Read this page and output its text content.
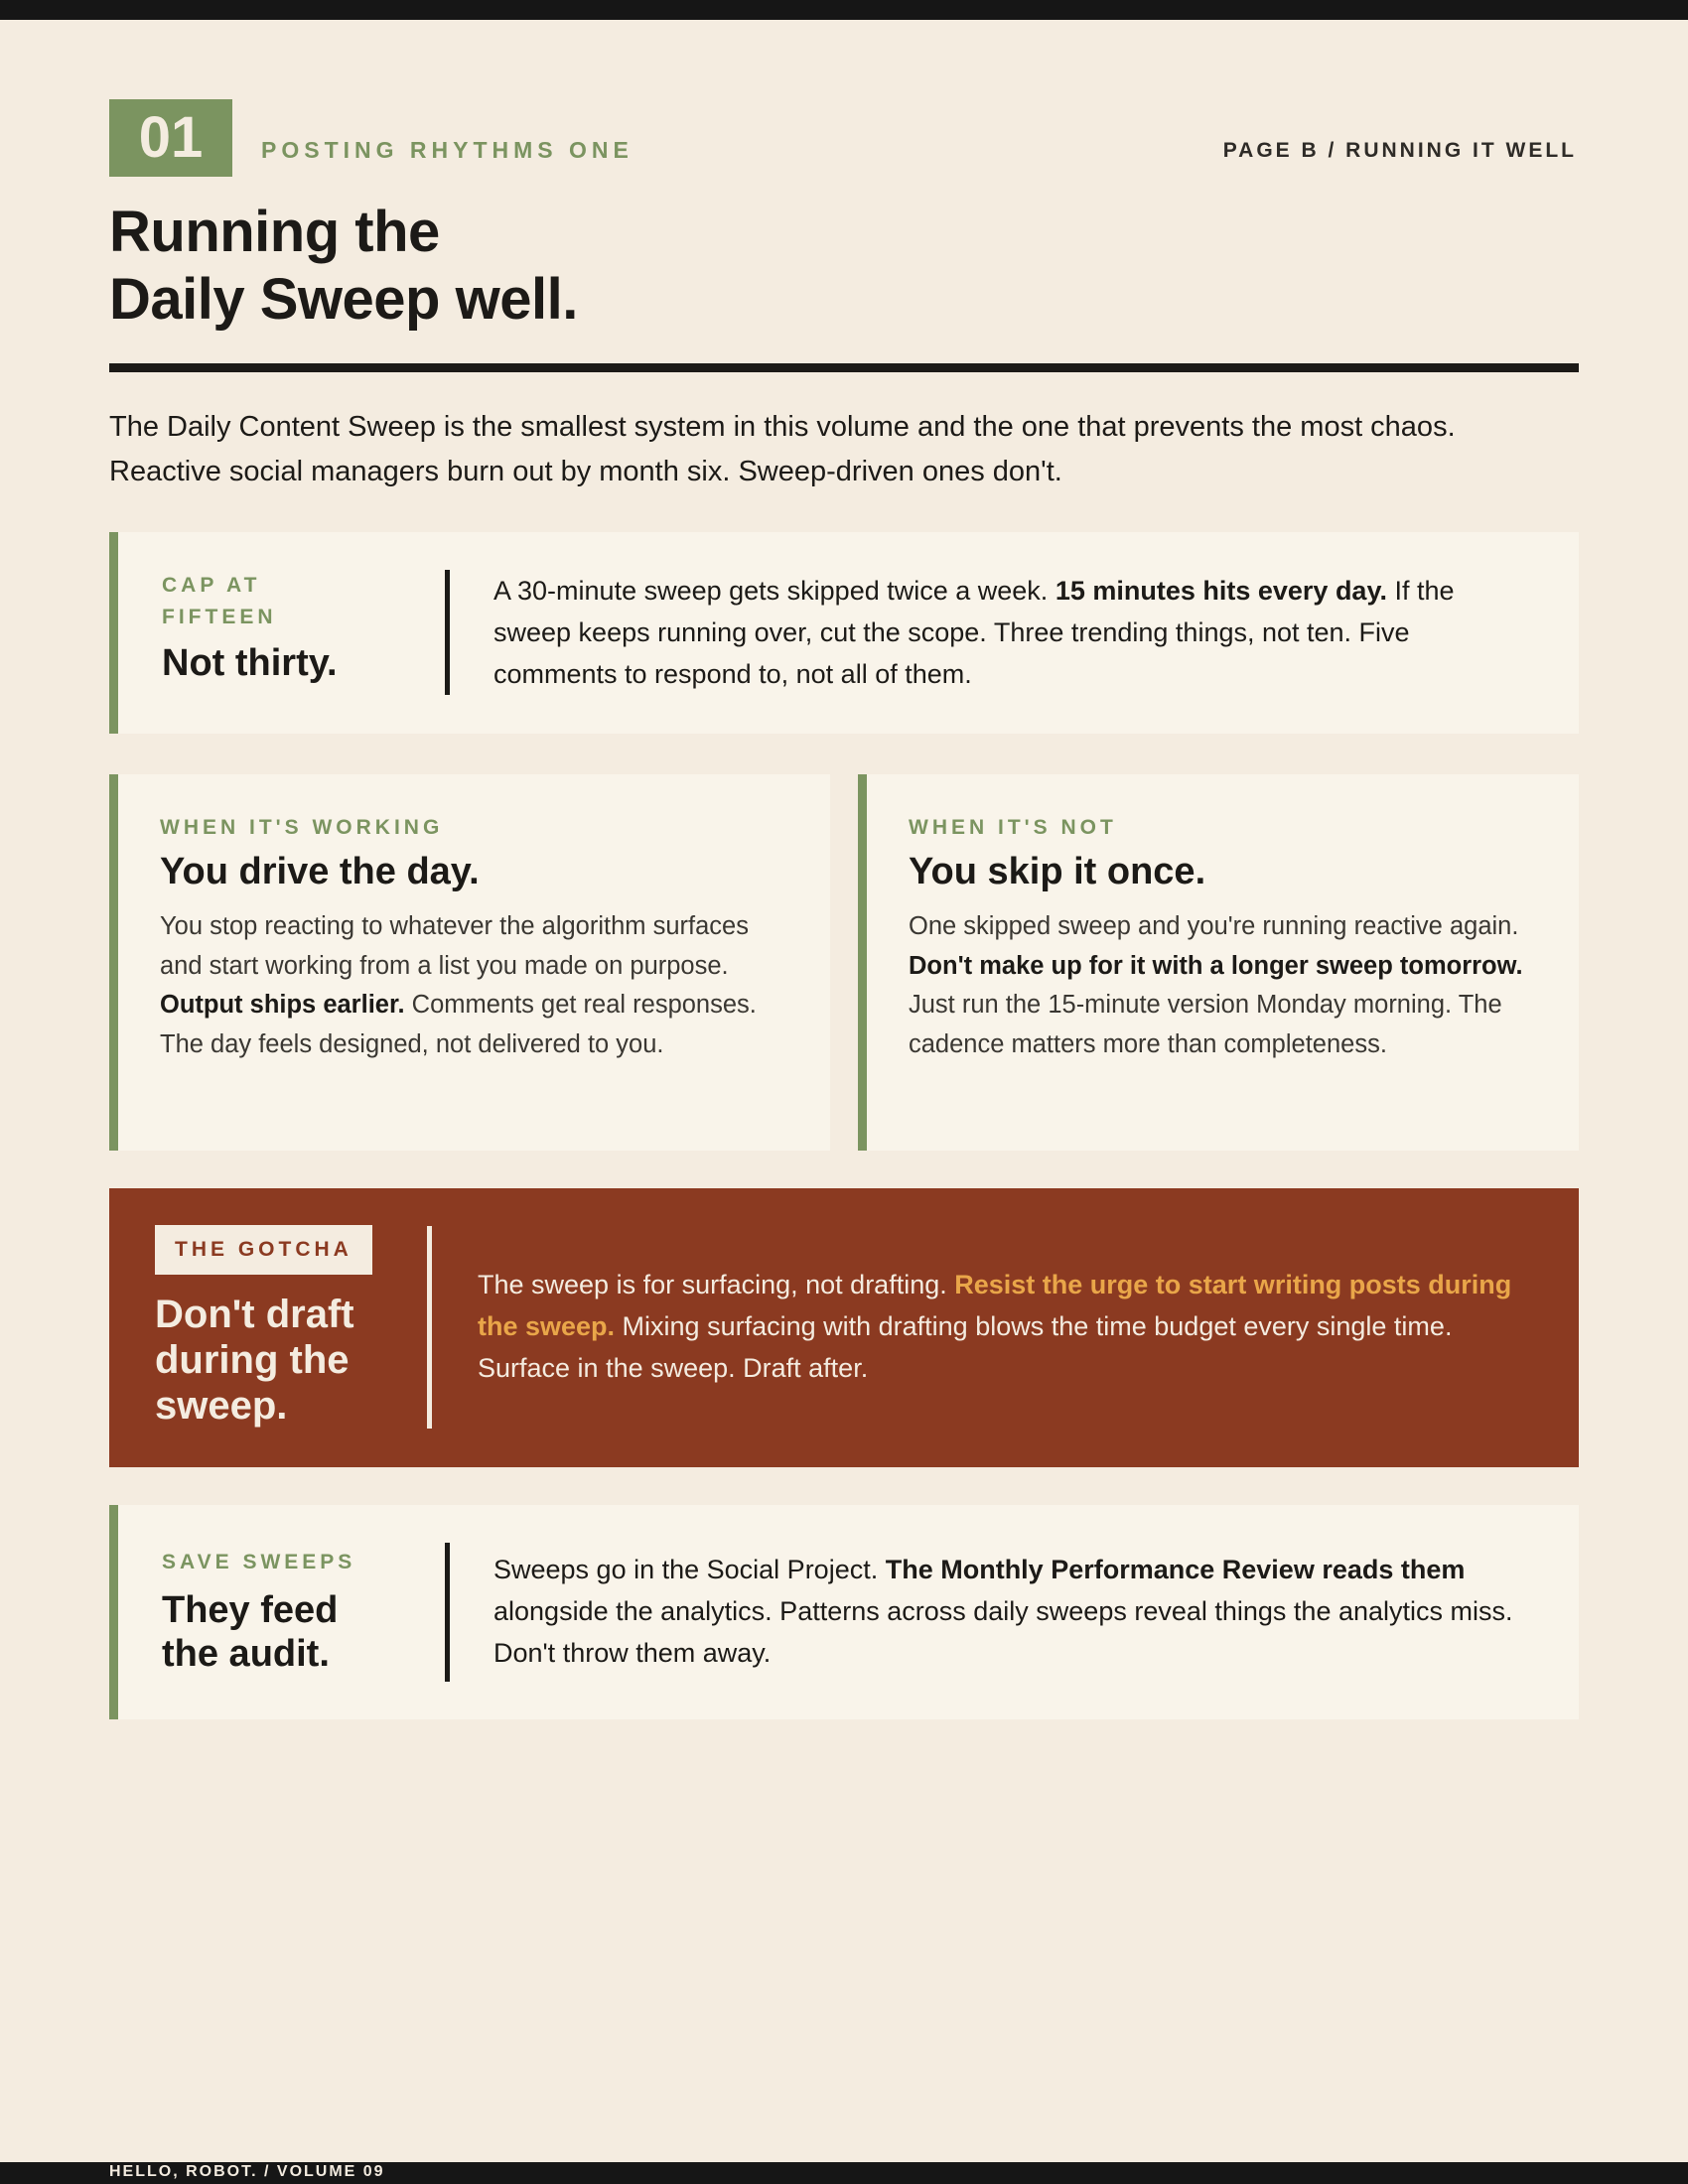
01	POSTING RHYTHMS ONE	PAGE B / RUNNING IT WELL
Running the
Daily Sweep well.

The Daily Content Sweep is the smallest system in this volume and the one that prevents the most chaos.
Reactive social managers burn out by month six. Sweep-driven ones don't.

CAP AT
FIFTEEN
Not thirty.
A 30-minute sweep gets skipped twice a week. 15 minutes hits every day. If the sweep keeps running over, cut the scope. Three trending things, not ten. Five comments to respond to, not all of them.
WHEN IT'S WORKING
You drive the day.
You stop reacting to whatever the algorithm surfaces and start working from a list you made on purpose. Output ships earlier. Comments get real responses. The day feels designed, not delivered to you.
WHEN IT'S NOT
You skip it once.
One skipped sweep and you're running reactive again. Don't make up for it with a longer sweep tomorrow. Just run the 15-minute version Monday morning. The cadence matters more than completeness.
THE GOTCHA
Don't draft during the sweep.
The sweep is for surfacing, not drafting. Resist the urge to start writing posts during the sweep. Mixing surfacing with drafting blows the time budget every single time. Surface in the sweep. Draft after.
SAVE SWEEPS
They feed
the audit.
Sweeps go in the Social Project. The Monthly Performance Review reads them alongside the analytics. Patterns across daily sweeps reveal things the analytics miss. Don't throw them away.
HELLO, ROBOT. / VOLUME 09
